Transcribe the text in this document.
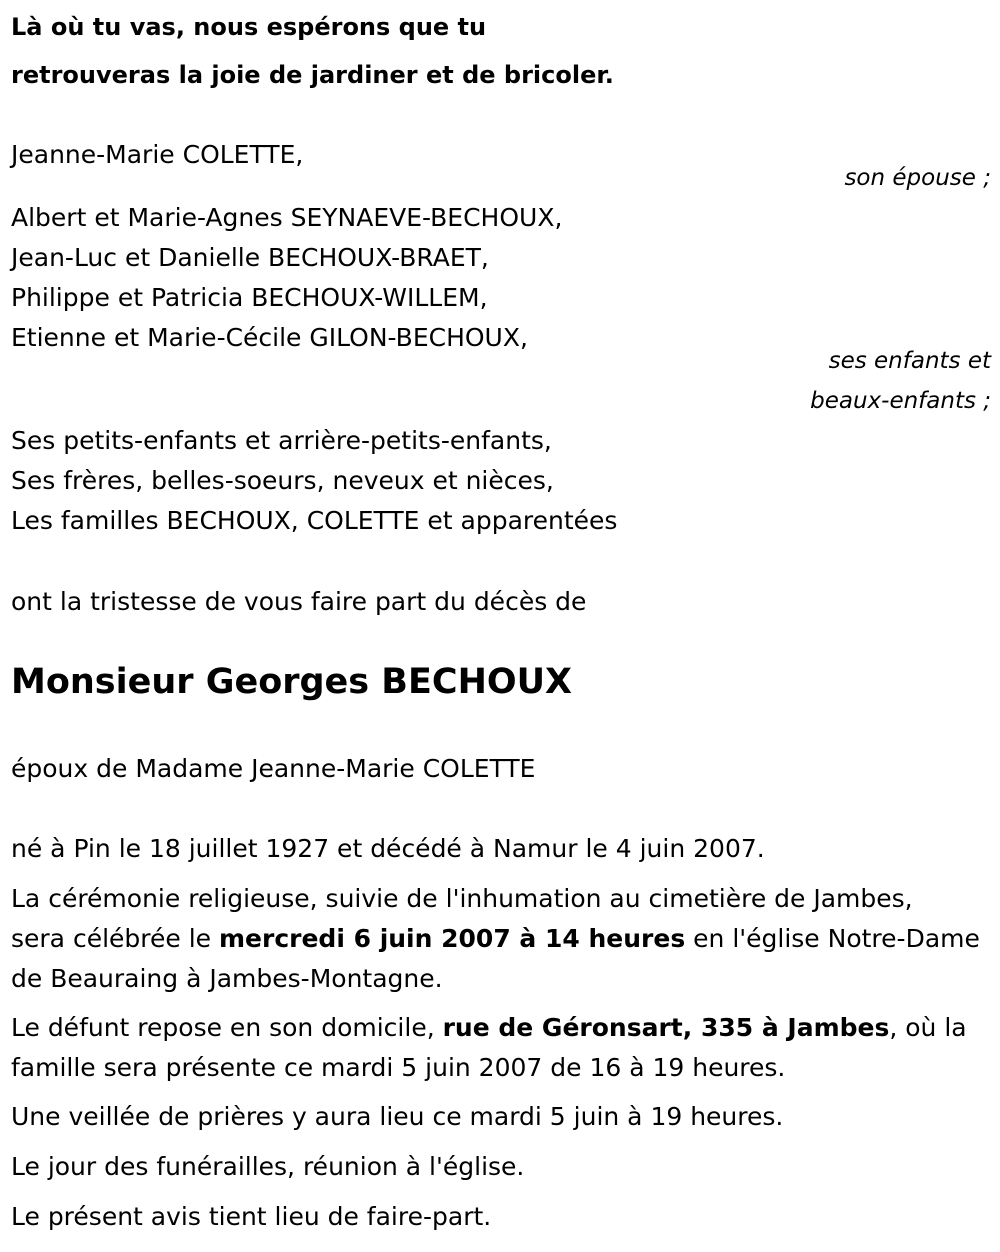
Là où tu vas, nous espérons que tu
retrouveras la joie de jardiner et de bricoler.
Jeanne-Marie COLETTE,
son épouse ;
Albert et Marie-Agnes SEYNAEVE-BECHOUX,
Jean-Luc et Danielle BECHOUX-BRAET,
Philippe et Patricia BECHOUX-WILLEM,
Etienne et Marie-Cécile GILON-BECHOUX,
ses enfants et
beaux-enfants ;
Ses petits-enfants et arrière-petits-enfants,
Ses frères, belles-soeurs, neveux et nièces,
Les familles BECHOUX, COLETTE et apparentées
ont la tristesse de vous faire part du décès de
Monsieur Georges BECHOUX
époux de Madame Jeanne-Marie COLETTE
né à Pin le 18 juillet 1927 et décédé à Namur le 4 juin 2007.
La cérémonie religieuse, suivie de l'inhumation au cimetière de Jambes,
sera célébrée le mercredi 6 juin 2007 à 14 heures en l'église Notre-Dame
de Beauraing à Jambes-Montagne.
Le défunt repose en son domicile, rue de Géronsart, 335 à Jambes, où la
famille sera présente ce mardi 5 juin 2007 de 16 à 19 heures.
Une veillée de prières y aura lieu ce mardi 5 juin à 19 heures.
Le jour des funérailles, réunion à l'église.
Le présent avis tient lieu de faire-part.
